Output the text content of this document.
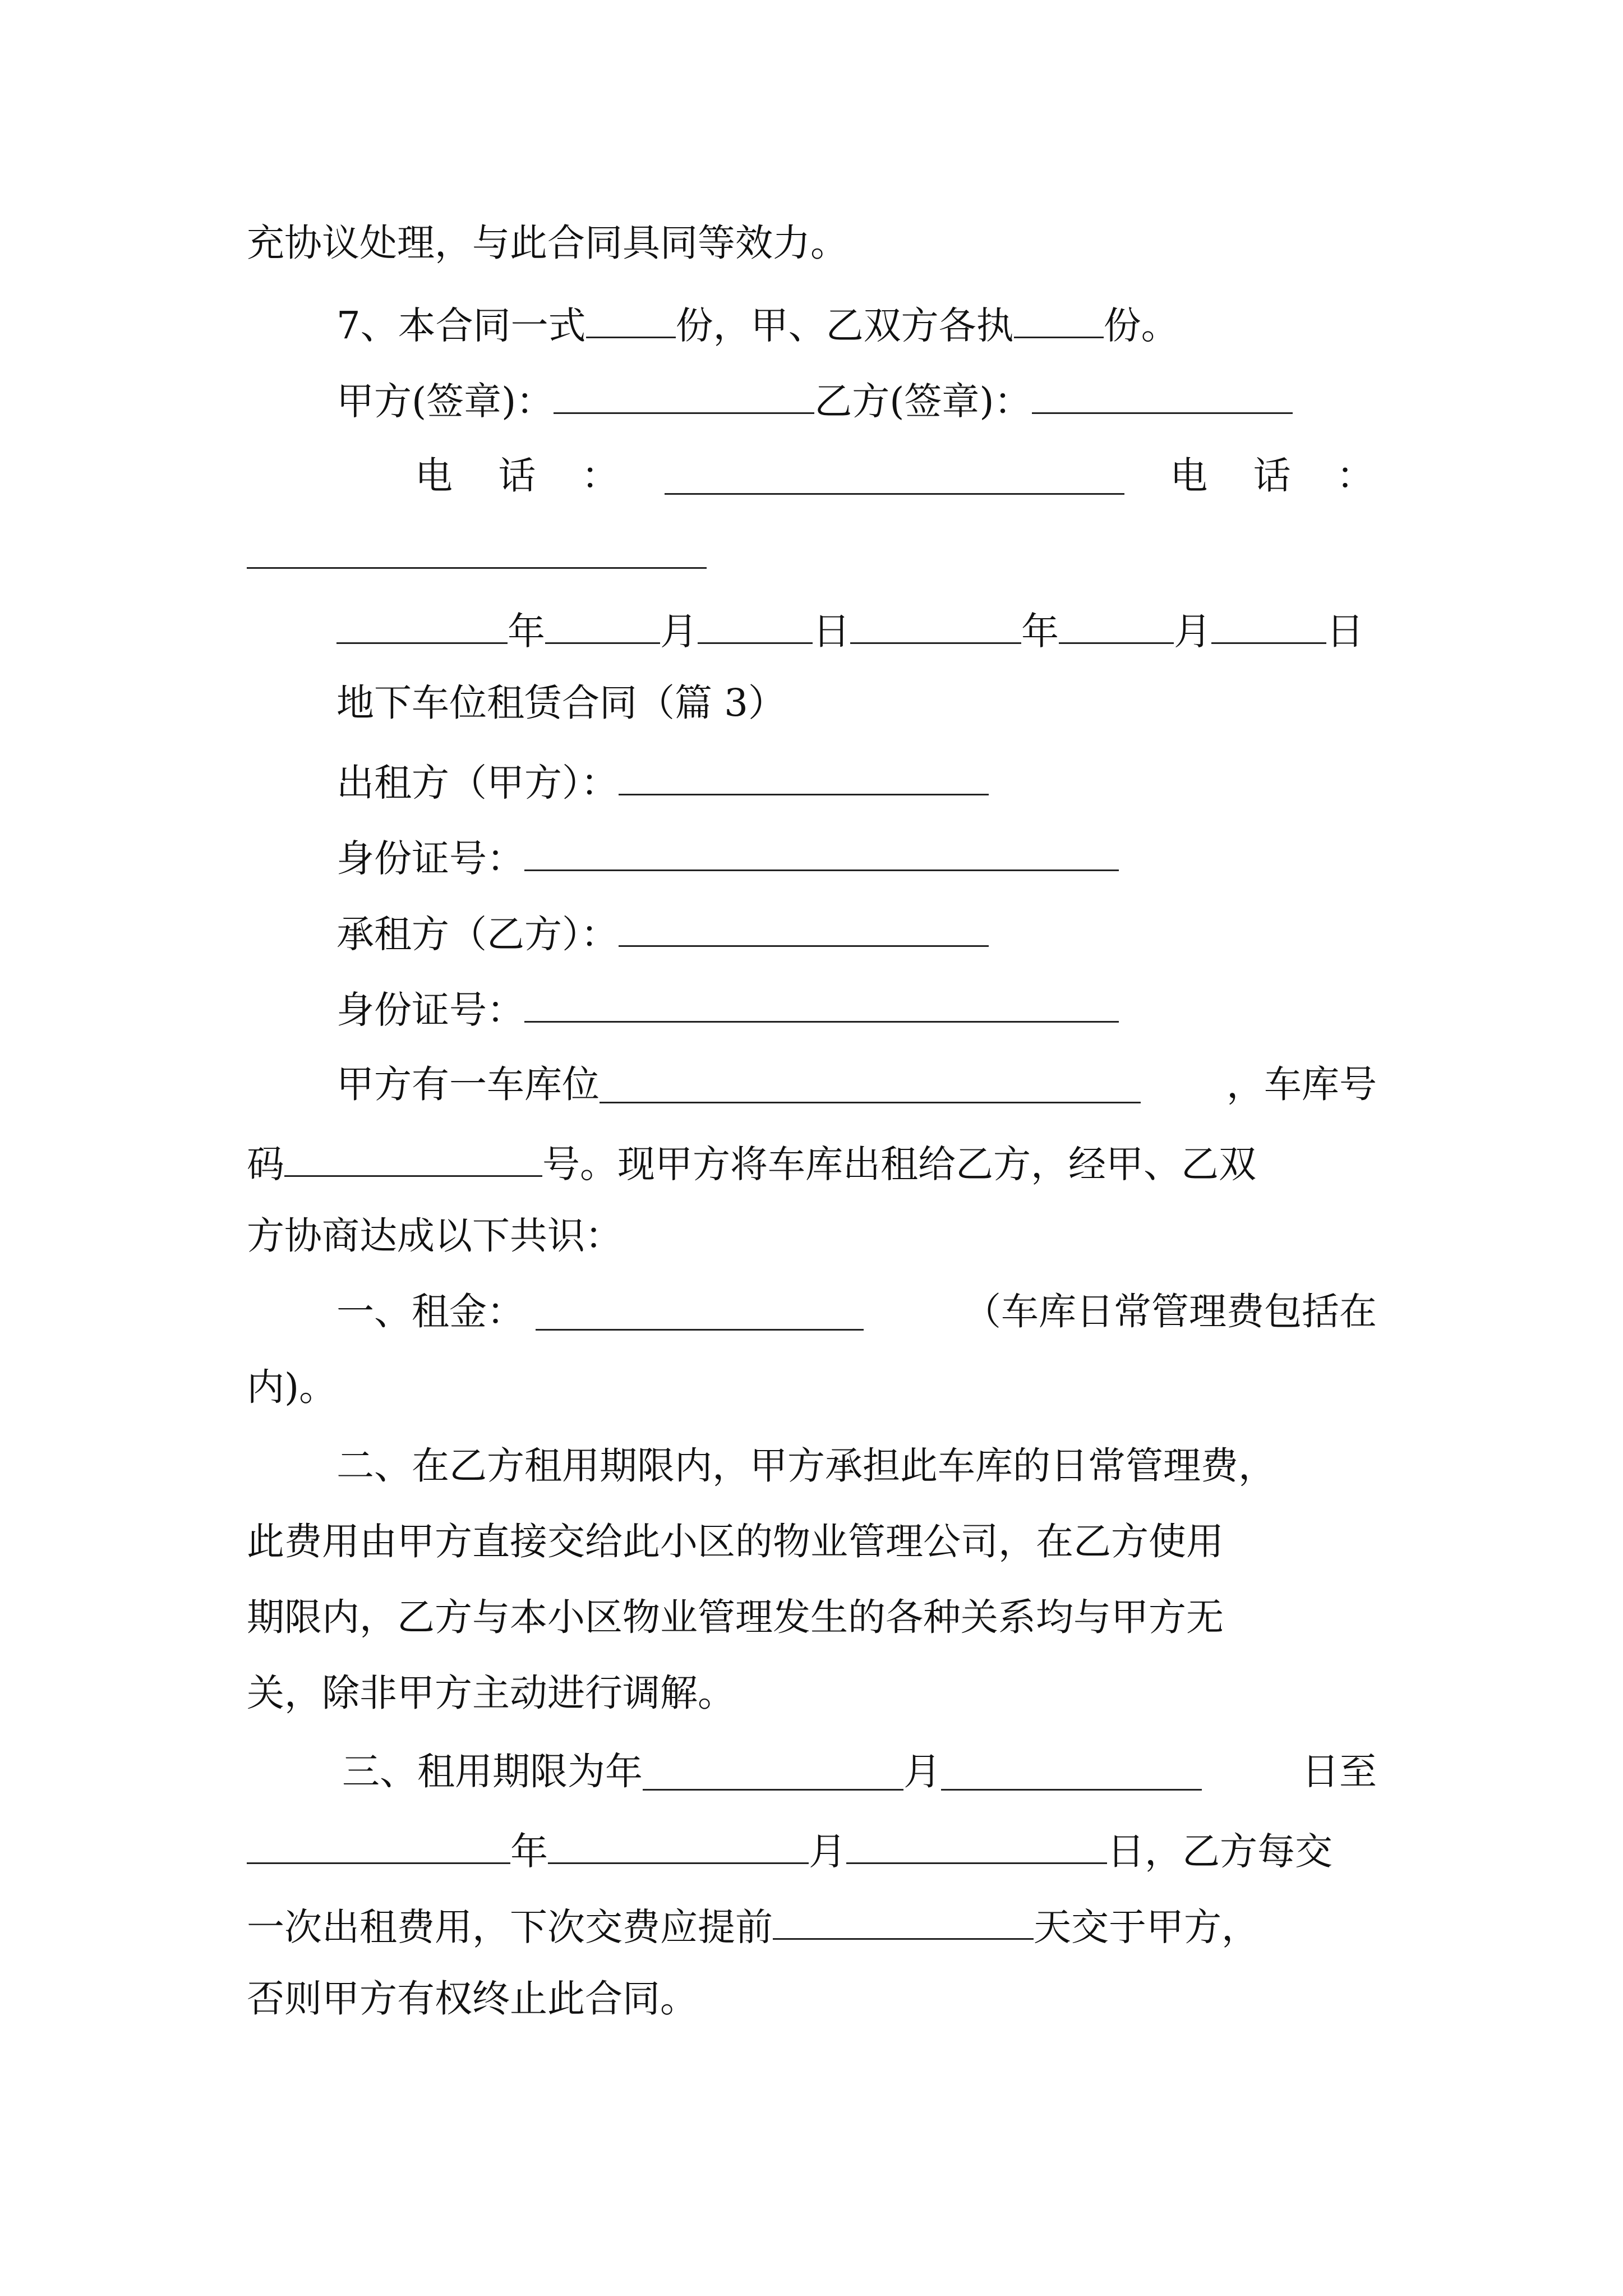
充协议处理，与此合同具同等效力。
7、本合同一式 份，甲、乙双方各执 份。
甲方(签章)：	乙方(签章)：
电 话 ：	电 话 ：
年	月	日	年	月	日
地下车位租赁合同（篇 3）
出租方（甲方）：
身份证号：
承租方（乙方）：
身份证号：
甲方有一车库位	，车库号
码	号。现甲方将车库出租给乙方，经甲、乙双
方协商达成以下共识：
一、租金：	（车库日常管理费包括在
内)。
二、在乙方租用期限内，甲方承担此车库的日常管理费，
此费用由甲方直接交给此小区的物业管理公司，在乙方使用
期限内，乙方与本小区物业管理发生的各种关系均与甲方无
关，除非甲方主动进行调解。
三、租用期限为年	月	日至
年	月	日，乙方每交
一次出租费用，下次交费应提前	天交于甲方，
否则甲方有权终止此合同。
